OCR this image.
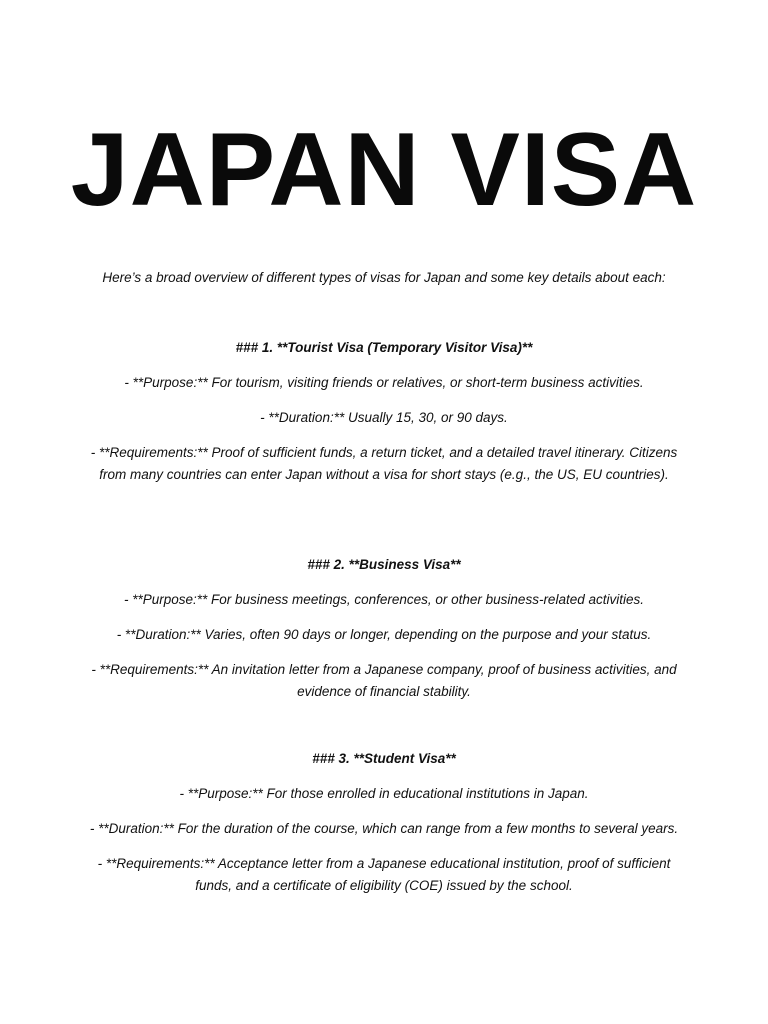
JAPAN VISA
Here’s a broad overview of different types of visas for Japan and some key details about each:

### 1. **Tourist Visa (Temporary Visitor Visa)**

- **Purpose:** For tourism, visiting friends or relatives, or short-term business activities.

- **Duration:** Usually 15, 30, or 90 days.

- **Requirements:** Proof of sufficient funds, a return ticket, and a detailed travel itinerary. Citizens from many countries can enter Japan without a visa for short stays (e.g., the US, EU countries).

### 2. **Business Visa**

- **Purpose:** For business meetings, conferences, or other business-related activities.

- **Duration:** Varies, often 90 days or longer, depending on the purpose and your status.

- **Requirements:** An invitation letter from a Japanese company, proof of business activities, and evidence of financial stability.

### 3. **Student Visa**

- **Purpose:** For those enrolled in educational institutions in Japan.

- **Duration:** For the duration of the course, which can range from a few months to several years.

- **Requirements:** Acceptance letter from a Japanese educational institution, proof of sufficient funds, and a certificate of eligibility (COE) issued by the school.
